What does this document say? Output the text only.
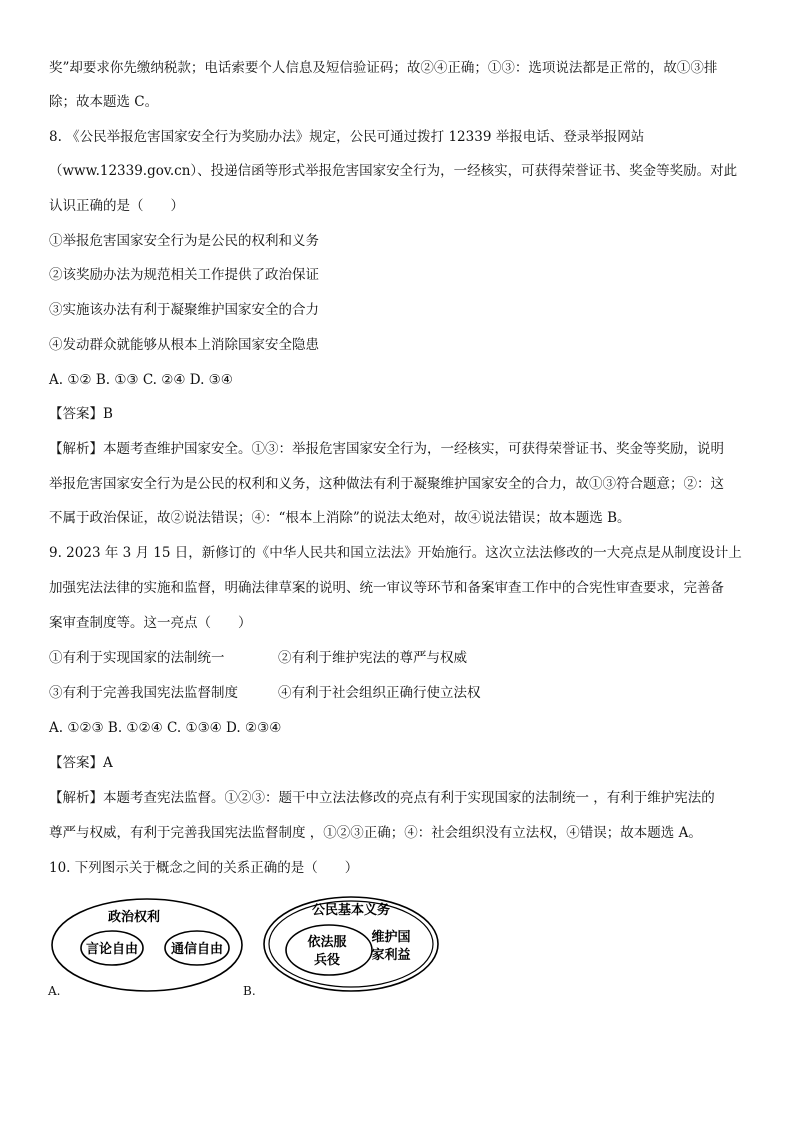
奖”却要求你先缴纳税款；电话索要个人信息及短信验证码；故②④正确；①③：选项说法都是正常的，故①③排
除；故本题选 C。
8. 《公民举报危害国家安全行为奖励办法》规定，公民可通过拨打 12339 举报电话、登录举报网站
（www.12339.gov.cn）、投递信函等形式举报危害国家安全行为，一经核实，可获得荣誉证书、奖金等奖励。对此
认识正确的是（　　）
①举报危害国家安全行为是公民的权利和义务
②该奖励办法为规范相关工作提供了政治保证
③实施该办法有利于凝聚维护国家安全的合力
④发动群众就能够从根本上消除国家安全隐患
A. ①② B. ①③ C. ②④ D. ③④
【答案】B
【解析】本题考查维护国家安全。①③：举报危害国家安全行为，一经核实，可获得荣誉证书、奖金等奖励，说明
举报危害国家安全行为是公民的权利和义务，这种做法有利于凝聚维护国家安全的合力，故①③符合题意；②：这
不属于政治保证，故②说法错误；④：“根本上消除”的说法太绝对，故④说法错误；故本题选 B。
9. 2023 年 3 月 15 日，新修订的《中华人民共和国立法法》开始施行。这次立法法修改的一大亮点是从制度设计上
加强宪法法律的实施和监督，明确法律草案的说明、统一审议等环节和备案审查工作中的合宪性审查要求，完善备
案审查制度等。这一亮点（　　）
①有利于实现国家的法制统一	②有利于维护宪法的尊严与权威
③有利于完善我国宪法监督制度	④有利于社会组织正确行使立法权
A. ①②③ B. ①②④ C. ①③④ D. ②③④
【答案】A
【解析】本题考查宪法监督。①②③：题干中立法法修改的亮点有利于实现国家的法制统一 ，有利于维护宪法的
尊严与权威，有利于完善我国宪法监督制度 ，①②③正确；④：社会组织没有立法权，④错误；故本题选 A。
10. 下列图示关于概念之间的关系正确的是（　　）
政治权利
言论自由	通信自由
A.
公民基本义务
依法服
兵役
维护国
家利益
B.
